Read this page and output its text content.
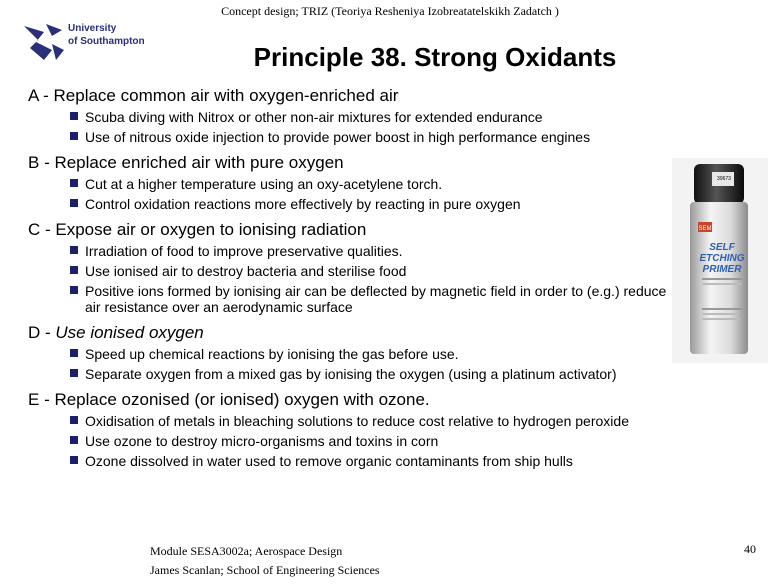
Concept design; TRIZ (Teoriya Resheniya Izobreatatelskikh Zadatch )
University
of Southampton
Principle 38. Strong Oxidants
A - Replace common air with oxygen-enriched air
Scuba diving with Nitrox or other non-air mixtures for extended endurance
Use of nitrous oxide injection to provide power boost in high performance engines
B - Replace enriched air with pure oxygen
Cut at a higher temperature using an oxy-acetylene torch.
Control oxidation reactions more effectively by reacting in pure oxygen
C - Expose air or oxygen to ionising radiation
Irradiation of food to improve preservative qualities.
Use ionised air to destroy bacteria and sterilise food
Positive ions formed by ionising air can be deflected by magnetic field in order to (e.g.) reduce air resistance over an aerodynamic surface
D - Use ionised oxygen
Speed up chemical reactions by ionising the gas before use.
Separate oxygen from a mixed gas by ionising the oxygen (using a platinum activator)
E - Replace ozonised (or ionised) oxygen with ozone.
Oxidisation of metals in bleaching solutions to reduce cost relative to hydrogen peroxide
Use ozone to destroy micro-organisms and toxins in corn
Ozone dissolved in water used to remove organic contaminants from ship hulls
SEM
39673
SELF
ETCHING
PRIMER
Module SESA3002a; Aerospace Design
James Scanlan; School of Engineering Sciences
40
